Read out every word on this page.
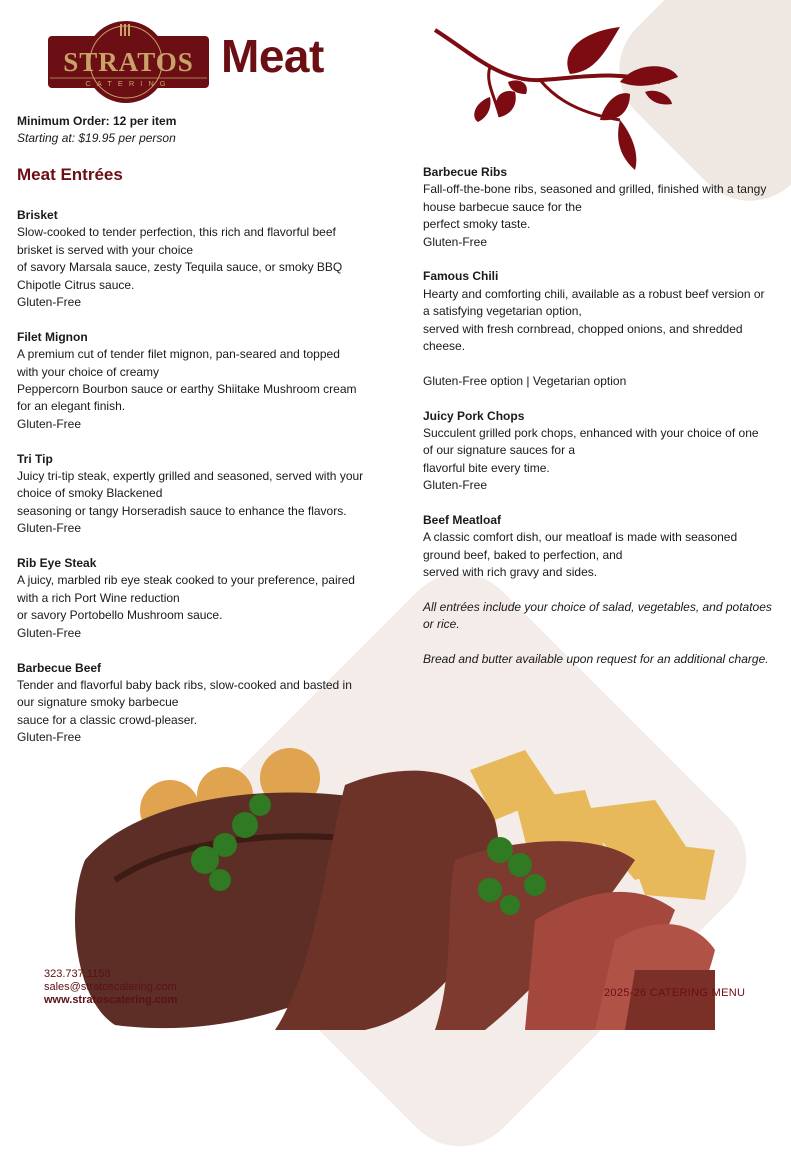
STRATOS
CATERING
Meat
Minimum Order: 12 per item
Starting at: $19.95 per person
Meat Entrées
Brisket
Slow-cooked to tender perfection, this rich and flavorful beef
brisket is served with your choice
of savory Marsala sauce, zesty Tequila sauce, or smoky BBQ
Chipotle Citrus sauce.
Gluten-Free
Filet Mignon
A premium cut of tender filet mignon, pan-seared and topped
with your choice of creamy
Peppercorn Bourbon sauce or earthy Shiitake Mushroom cream
for an elegant finish.
Gluten-Free
Tri Tip
Juicy tri-tip steak, expertly grilled and seasoned, served with your
choice of smoky Blackened
seasoning or tangy Horseradish sauce to enhance the flavors.
Gluten-Free
Rib Eye Steak
A juicy, marbled rib eye steak cooked to your preference, paired
with a rich Port Wine reduction
or savory Portobello Mushroom sauce.
Gluten-Free
Barbecue Beef
Tender and flavorful baby back ribs, slow-cooked and basted in
our signature smoky barbecue
sauce for a classic crowd-pleaser.
Gluten-Free
Barbecue Ribs
Fall-off-the-bone ribs, seasoned and grilled, finished with a tangy
house barbecue sauce for the
perfect smoky taste.
Gluten-Free
Famous Chili
Hearty and comforting chili, available as a robust beef version or
a satisfying vegetarian option,
served with fresh cornbread, chopped onions, and shredded
cheese.
Gluten-Free option | Vegetarian option
Juicy Pork Chops
Succulent grilled pork chops, enhanced with your choice of one
of our signature sauces for a
flavorful bite every time.
Gluten-Free
Beef Meatloaf
A classic comfort dish, our meatloaf is made with seasoned
ground beef, baked to perfection, and
served with rich gravy and sides.
All entrées include your choice of salad, vegetables, and potatoes or rice.
Bread and butter available upon request for an additional charge.
323.737.1158
sales@stratoscatering.com
www.stratoscatering.com
2025-26 CATERING MENU
